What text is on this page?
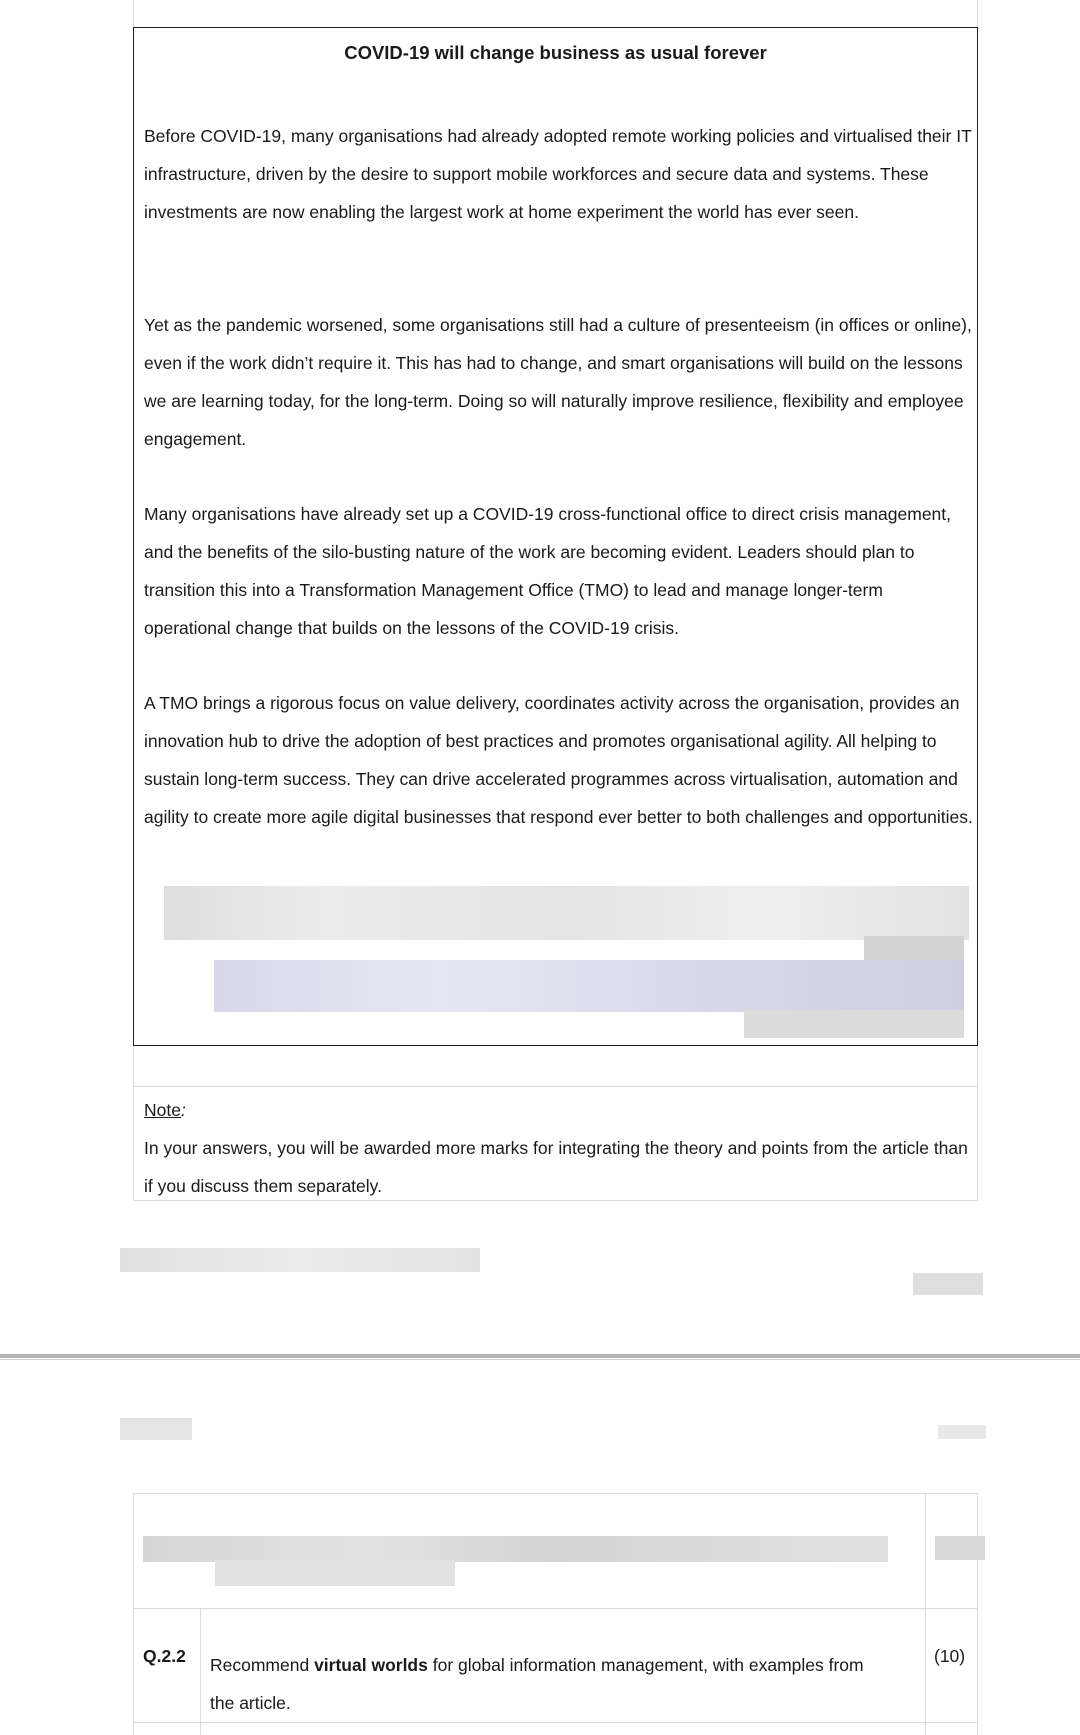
COVID-19 will change business as usual forever

Before COVID-19, many organisations had already adopted remote working policies and virtualised their IT infrastructure, driven by the desire to support mobile workforces and secure data and systems. These investments are now enabling the largest work at home experiment the world has ever seen.

Yet as the pandemic worsened, some organisations still had a culture of presenteeism (in offices or online), even if the work didn’t require it. This has had to change, and smart organisations will build on the lessons we are learning today, for the long-term. Doing so will naturally improve resilience, flexibility and employee engagement.

Many organisations have already set up a COVID-19 cross-functional office to direct crisis management, and the benefits of the silo-busting nature of the work are becoming evident. Leaders should plan to transition this into a Transformation Management Office (TMO) to lead and manage longer-term operational change that builds on the lessons of the COVID-19 crisis.

A TMO brings a rigorous focus on value delivery, coordinates activity across the organisation, provides an innovation hub to drive the adoption of best practices and promotes organisational agility. All helping to sustain long-term success. They can drive accelerated programmes across virtualisation, automation and agility to create more agile digital businesses that respond ever better to both challenges and opportunities.

Note:

In your answers, you will be awarded more marks for integrating the theory and points from the article than if you discuss them separately.

Q.2.2 Recommend virtual worlds for global information management, with examples from the article.

(10)
